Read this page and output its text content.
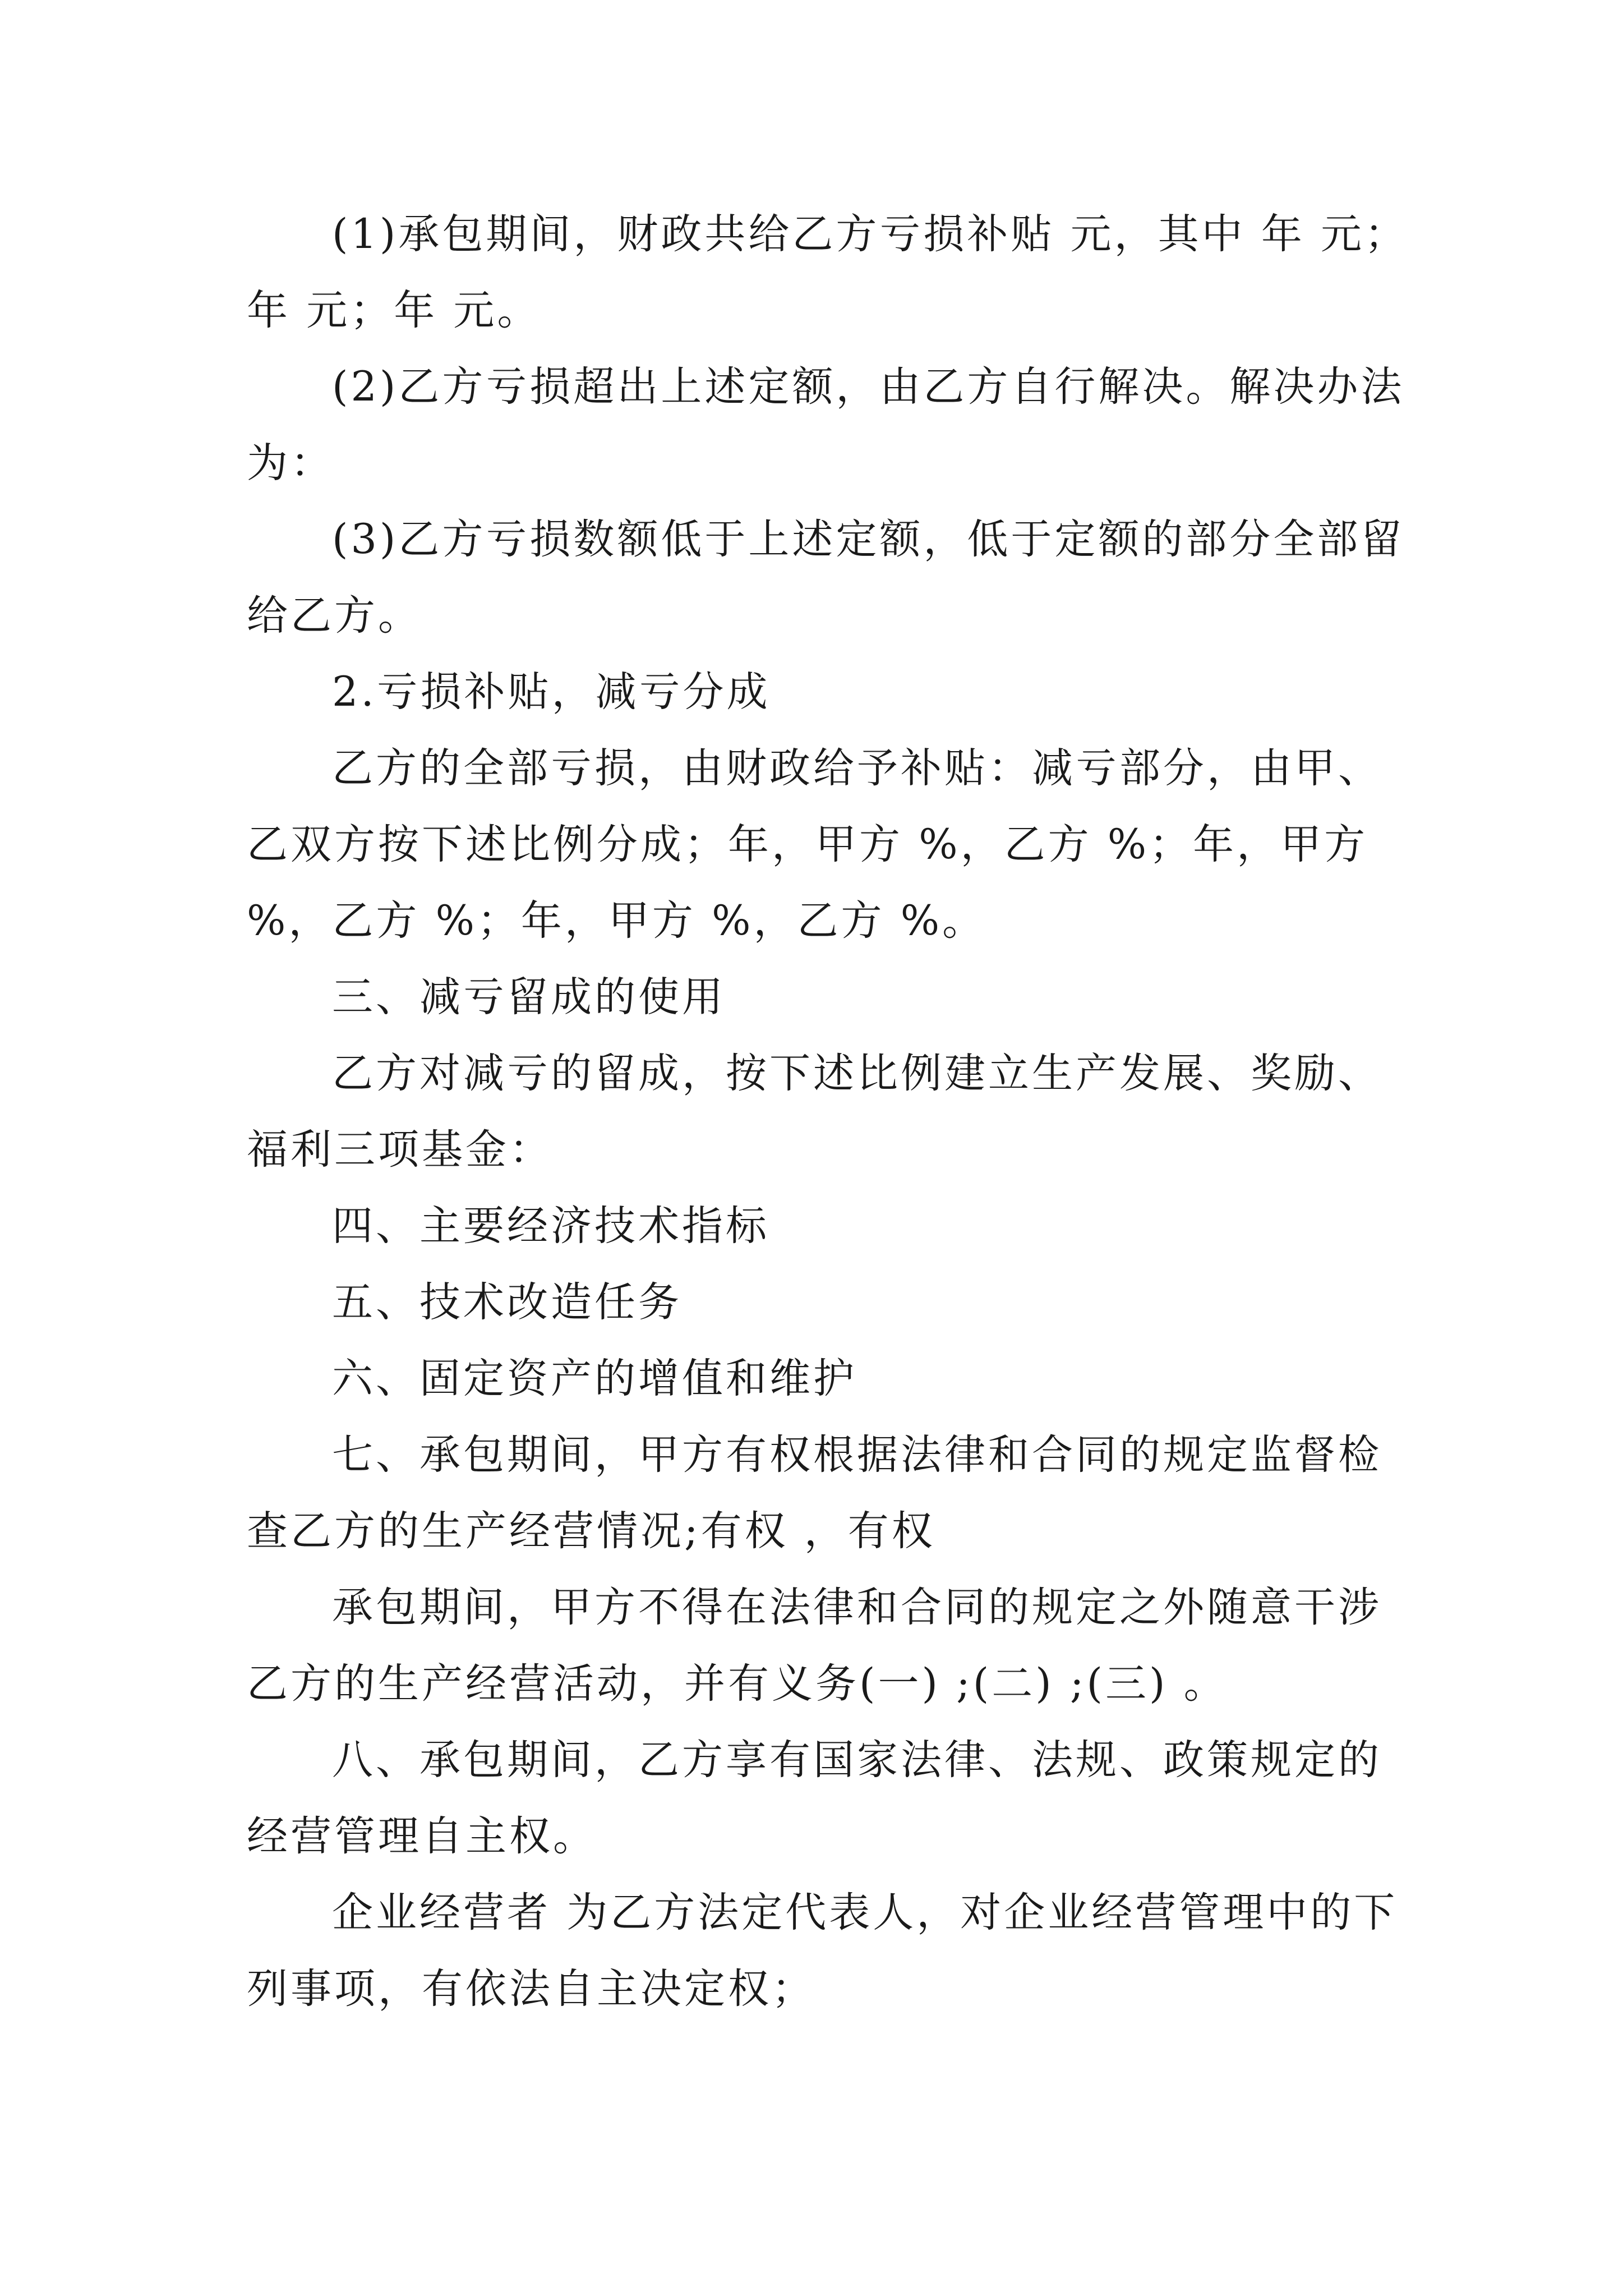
(1)承包期间，财政共给乙方亏损补贴 元，其中 年 元；年 元；年 元。

(2)乙方亏损超出上述定额，由乙方自行解决。解决办法为：

(3)乙方亏损数额低于上述定额，低于定额的部分全部留给乙方。

2.亏损补贴，减亏分成

乙方的全部亏损，由财政给予补贴：减亏部分，由甲、乙双方按下述比例分成；年，甲方 %，乙方 %；年，甲方 %，乙方 %；年，甲方 %，乙方 %。

三、减亏留成的使用

乙方对减亏的留成，按下述比例建立生产发展、奖励、福利三项基金：

四、主要经济技术指标

五、技术改造任务

六、固定资产的增值和维护

七、承包期间，甲方有权根据法律和合同的规定监督检查乙方的生产经营情况;有权 ，有权

承包期间，甲方不得在法律和合同的规定之外随意干涉乙方的生产经营活动，并有义务(一) ;(二) ;(三) 。

八、承包期间，乙方享有国家法律、法规、政策规定的经营管理自主权。

企业经营者 为乙方法定代表人，对企业经营管理中的下列事项，有依法自主决定权；
